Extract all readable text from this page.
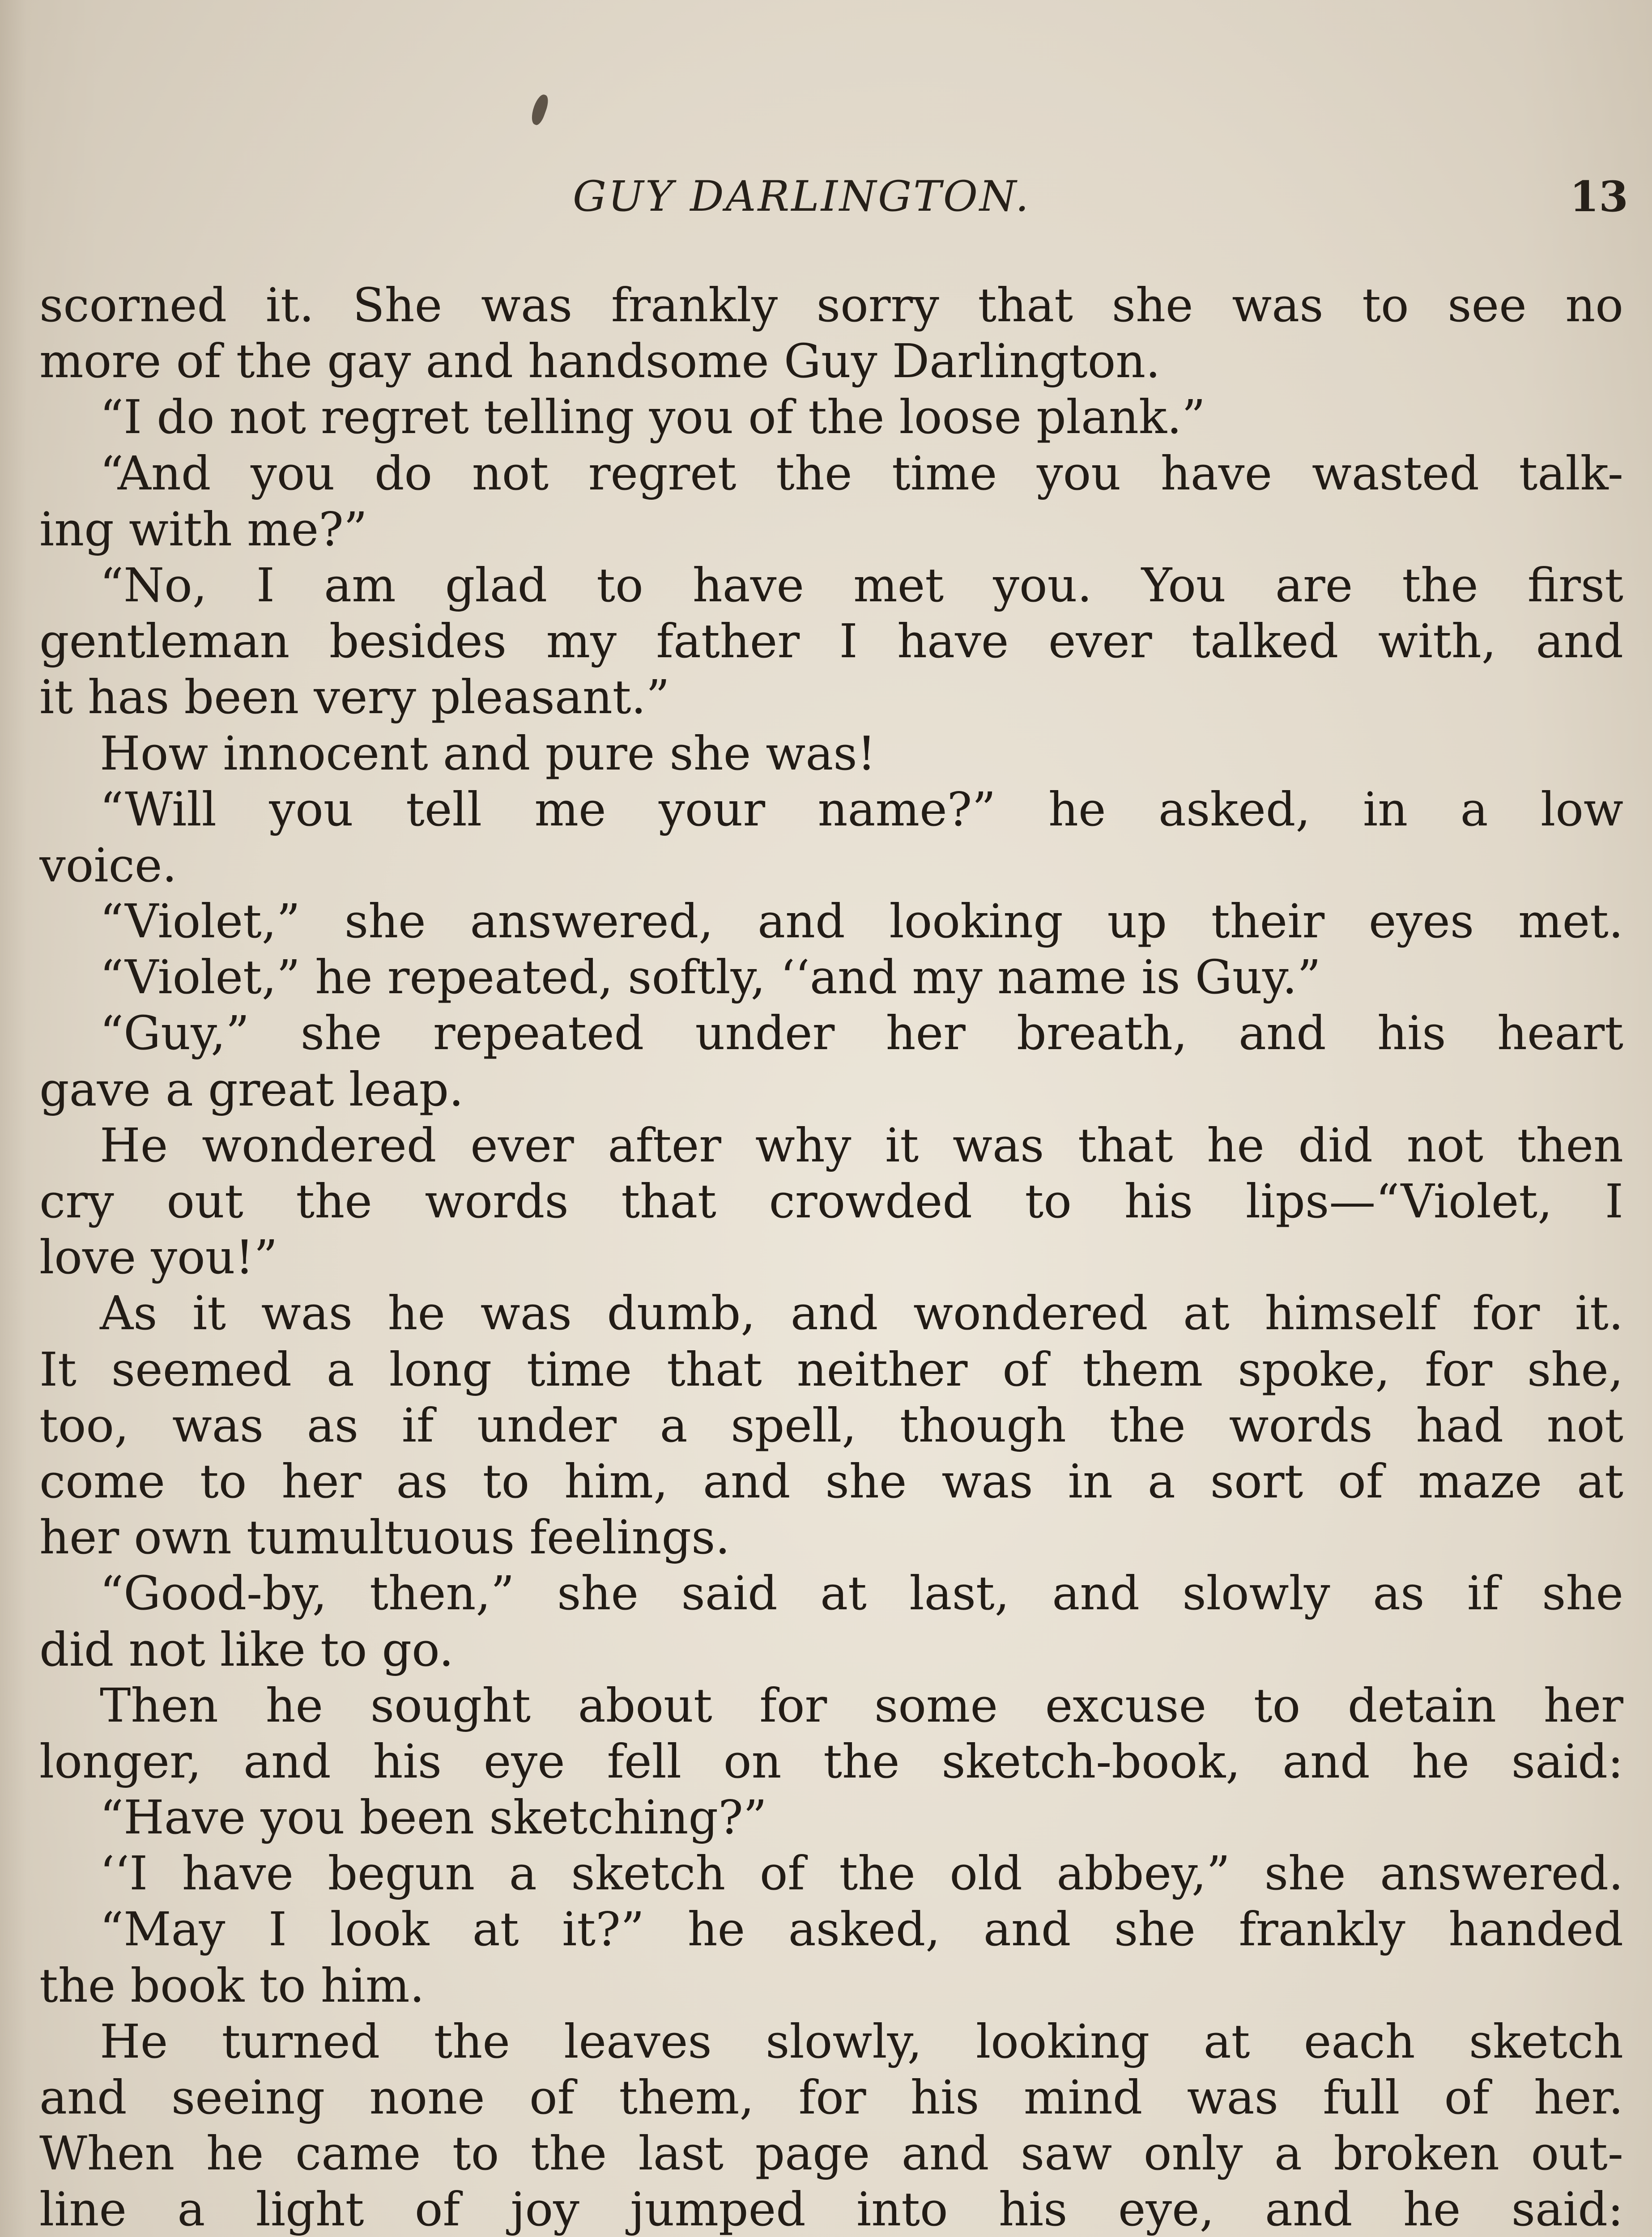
GUY DARLINGTON.	13
scorned it. She was frankly sorry that she was to see no
more of the gay and handsome Guy Darlington.
“I do not regret telling you of the loose plank.”
“And you do not regret the time you have wasted talk-
ing with me?”
“No, I am glad to have met you. You are the first
gentleman besides my father I have ever talked with, and
it has been very pleasant.”
How innocent and pure she was!
“Will you tell me your name?” he asked, in a low
voice.
“Violet,” she answered, and looking up their eyes met.
“Violet,” he repeated, softly, ‘‘and my name is Guy.”
“Guy,” she repeated under her breath, and his heart
gave a great leap.
He wondered ever after why it was that he did not then
cry out the words that crowded to his lips—“Violet, I
love you!”
As it was he was dumb, and wondered at himself for it.
It seemed a long time that neither of them spoke, for she,
too, was as if under a spell, though the words had not
come to her as to him, and she was in a sort of maze at
her own tumultuous feelings.
“Good-by, then,” she said at last, and slowly as if she
did not like to go.
Then he sought about for some excuse to detain her
longer, and his eye fell on the sketch-book, and he said:
“Have you been sketching?”
‘‘I have begun a sketch of the old abbey,” she answered.
“May I look at it?” he asked, and she frankly handed
the book to him.
He turned the leaves slowly, looking at each sketch
and seeing none of them, for his mind was full of her.
When he came to the last page and saw only a broken out-
line a light of joy jumped into his eye, and he said:
